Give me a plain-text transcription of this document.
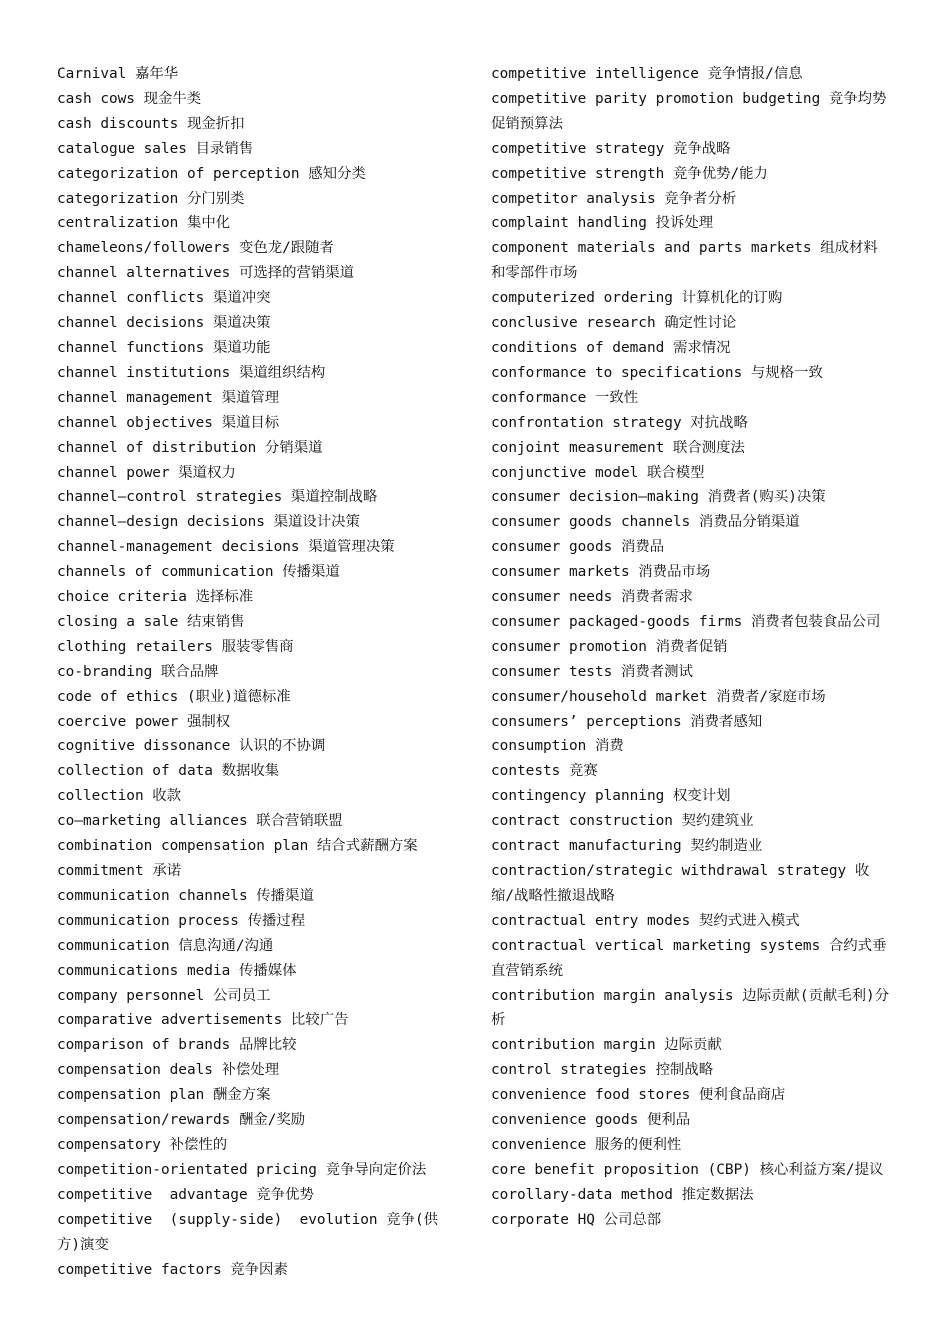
Carnival 嘉年华
cash cows 现金牛类
cash discounts 现金折扣
catalogue sales 目录销售
categorization of perception 感知分类
categorization 分门别类
centralization 集中化
chameleons/followers 变色龙/跟随者
channel alternatives 可选择的营销渠道
channel conflicts 渠道冲突
channel decisions 渠道决策
channel functions 渠道功能
channel institutions 渠道组织结构
channel management 渠道管理
channel objectives 渠道目标
channel of distribution 分销渠道
channel power 渠道权力
channel—control strategies 渠道控制战略
channel—design decisions 渠道设计决策
channel-management decisions 渠道管理决策
channels of communication 传播渠道
choice criteria 选择标准
closing a sale 结束销售
clothing retailers 服装零售商
co-branding 联合品牌
code of ethics (职业)道德标准
coercive power 强制权
cognitive dissonance 认识的不协调
collection of data 数据收集
collection 收款
co—marketing alliances 联合营销联盟
combination compensation plan 结合式薪酬方案
commitment 承诺
communication channels 传播渠道
communication process 传播过程
communication 信息沟通/沟通
communications media 传播媒体
company personnel 公司员工
comparative advertisements 比较广告
comparison of brands 品牌比较
compensation deals 补偿处理
compensation plan 酬金方案
compensation/rewards 酬金/奖励
compensatory 补偿性的
competition-orientated pricing 竞争导向定价法
competitive  advantage 竞争优势
competitive  (supply-side)  evolution 竞争(供方)演变
competitive factors 竞争因素
competitive intelligence 竞争情报/信息
competitive parity promotion budgeting 竞争均势促销预算法
competitive strategy 竞争战略
competitive strength 竞争优势/能力
competitor analysis 竞争者分析
complaint handling 投诉处理
component materials and parts markets 组成材料和零部件市场
computerized ordering 计算机化的订购
conclusive research 确定性讨论
conditions of demand 需求情况
conformance to specifications 与规格一致
conformance 一致性
confrontation strategy 对抗战略
conjoint measurement 联合测度法
conjunctive model 联合模型
consumer decision—making 消费者(购买)决策
consumer goods channels 消费品分销渠道
consumer goods 消费品
consumer markets 消费品市场
consumer needs 消费者需求
consumer packaged-goods firms 消费者包装食品公司
consumer promotion 消费者促销
consumer tests 消费者测试
consumer/household market 消费者/家庭市场
consumers’ perceptions 消费者感知
consumption 消费
contests 竞赛
contingency planning 权变计划
contract construction 契约建筑业
contract manufacturing 契约制造业
contraction/strategic withdrawal strategy 收缩/战略性撤退战略
contractual entry modes 契约式进入模式
contractual vertical marketing systems 合约式垂直营销系统
contribution margin analysis 边际贡献(贡献毛利)分析
contribution margin 边际贡献
control strategies 控制战略
convenience food stores 便利食品商店
convenience goods 便利品
convenience 服务的便利性
core benefit proposition (CBP) 核心利益方案/提议
corollary-data method 推定数据法
corporate HQ 公司总部
